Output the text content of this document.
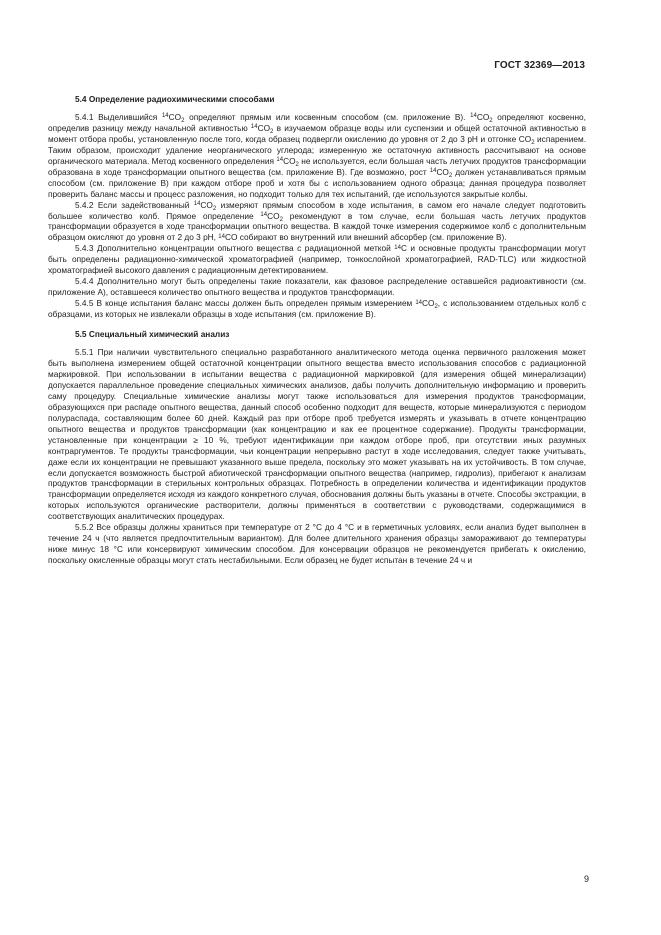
ГОСТ 32369—2013
5.4 Определение радиохимическими способами

5.4.1 Выделившийся $^{14}CO_2$ определяют прямым или косвенным способом (см. приложение В). $^{14}CO_2$ определяют косвенно, определив разницу между начальной активностью $^{14}CO_2$ в изучаемом образце воды или суспензии и общей остаточной активностью в момент отбора пробы, установленную после того, когда образец подвергли окислению до уровня от 2 до 3 рН и отгонке $CO_2$ испарением. Таким образом, происходит удаление неорганического углерода; измеренную же остаточную активность рассчитывают на основе органического материала. Метод косвенного определения $^{14}CO_2$ не используется, если большая часть летучих продуктов трансформации образована в ходе трансформации опытного вещества (см. приложение В). Где возможно, рост $^{14}CO_2$ должен устанавливаться прямым способом (см. приложение В) при каждом отборе проб и хотя бы с использованием одного образца; данная процедура позволяет проверить баланс массы и процесс разложения, но подходит только для тех испытаний, где используются закрытые колбы.

5.4.2 Если задействованный $^{14}CO_2$ измеряют прямым способом в ходе испытания, в самом его начале следует подготовить большее количество колб. Прямое определение $^{14}CO_2$ рекомендуют в том случае, если большая часть летучих продуктов трансформации образуется в ходе трансформации опытного вещества. В каждой точке измерения содержимое колб с дополнительным образцом окисляют до уровня от 2 до 3 рН, $^{14}$CO собирают во внутренний или внешний абсорбер (см. приложение В).

5.4.3 Дополнительно концентрации опытного вещества с радиационной меткой $^{14}$С и основные продукты трансформации могут быть определены радиационно-химической хроматографией (например, тонкослойной хроматографией, RAD-TLC) или жидкостной хроматографией высокого давления с радиационным детектированием.

5.4.4 Дополнительно могут быть определены такие показатели, как фазовое распределение оставшейся радиоактивности (см. приложение А), оставшееся количество опытного вещества и продуктов трансформации.

5.4.5 В конце испытания баланс массы должен быть определен прямым измерением $^{14}CO_2$, с использованием отдельных колб с образцами, из которых не извлекали образцы в ходе испытания (см. приложение В).

5.5 Специальный химический анализ

5.5.1 При наличии чувствительного специально разработанного аналитического метода оценка первичного разложения может быть выполнена измерением общей остаточной концентрации опытного вещества вместо использования способов с радиационной маркировкой. При использовании в испытании вещества с радиационной маркировкой (для измерения общей минерализации) допускается параллельное проведение специальных химических анализов, дабы получить дополнительную информацию и проверить саму процедуру. Специальные химические анализы могут также использоваться для измерения продуктов трансформации, образующихся при распаде опытного вещества, данный способ особенно подходит для веществ, которые минерализуются с периодом полураспада, составляющим более 60 дней. Каждый раз при отборе проб требуется измерять и указывать в отчете концентрацию опытного вещества и продуктов трансформации (как концентрацию и как ее процентное содержание). Продукты трансформации, установленные при концентрации ≥ 10 %, требуют идентификации при каждом отборе проб, при отсутствии иных разумных контраргументов. Те продукты трансформации, чьи концентрации непрерывно растут в ходе исследования, следует также учитывать, даже если их концентрации не превышают указанного выше предела, поскольку это может указывать на их устойчивость. В том случае, если допускается возможность быстрой абиотической трансформации опытного вещества (например, гидролиз), прибегают к анализам продуктов трансформации в стерильных контрольных образцах. Потребность в определении количества и идентификации продуктов трансформации определяется исходя из каждого конкретного случая, обоснования должны быть указаны в отчете. Способы экстракции, в которых используются органические растворители, должны применяться в соответствии с руководствами, содержащимися в соответствующих аналитических процедурах.

5.5.2 Все образцы должны храниться при температуре от 2 °С до 4 °С и в герметичных условиях, если анализ будет выполнен в течение 24 ч (что является предпочтительным вариантом). Для более длительного хранения образцы замораживают до температуры ниже минус 18 °С или консервируют химическим способом. Для консервации образцов не рекомендуется прибегать к окислению, поскольку окисленные образцы могут стать нестабильными. Если образец не будет испытан в течение 24 ч и

9
